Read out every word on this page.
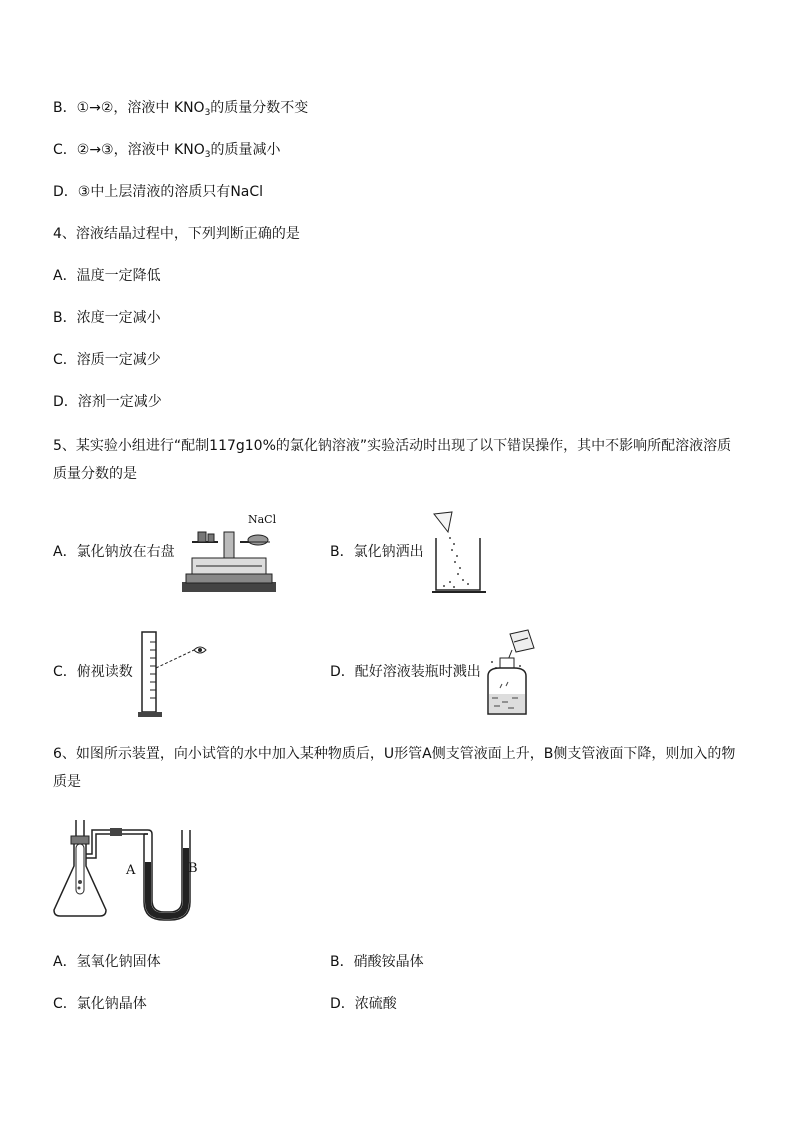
B．①→②，溶液中 $KNO_3$的质量分数不变
C．②→③，溶液中 $KNO_3$的质量减小
D．③中上层清液的溶质只有NaCl
4、溶液结晶过程中，下列判断正确的是
A．温度一定降低
B．浓度一定减小
C．溶质一定减少
D．溶剂一定减少
5、某实验小组进行“配制117g10%的氯化钠溶液”实验活动时出现了以下错误操作，其中不影响所配溶液溶质质量分数的是
A．氯化钠放在右盘
NaCl
B．氯化钠洒出
C．俯视读数	D．配好溶液装瓶时溅出
6、如图所示装置，向小试管的水中加入某种物质后，U形管A侧支管液面上升，B侧支管液面下降，则加入的物质是
A	B
A．氢氧化钠固体	B．硝酸铵晶体
C．氯化钠晶体	D．浓硫酸
